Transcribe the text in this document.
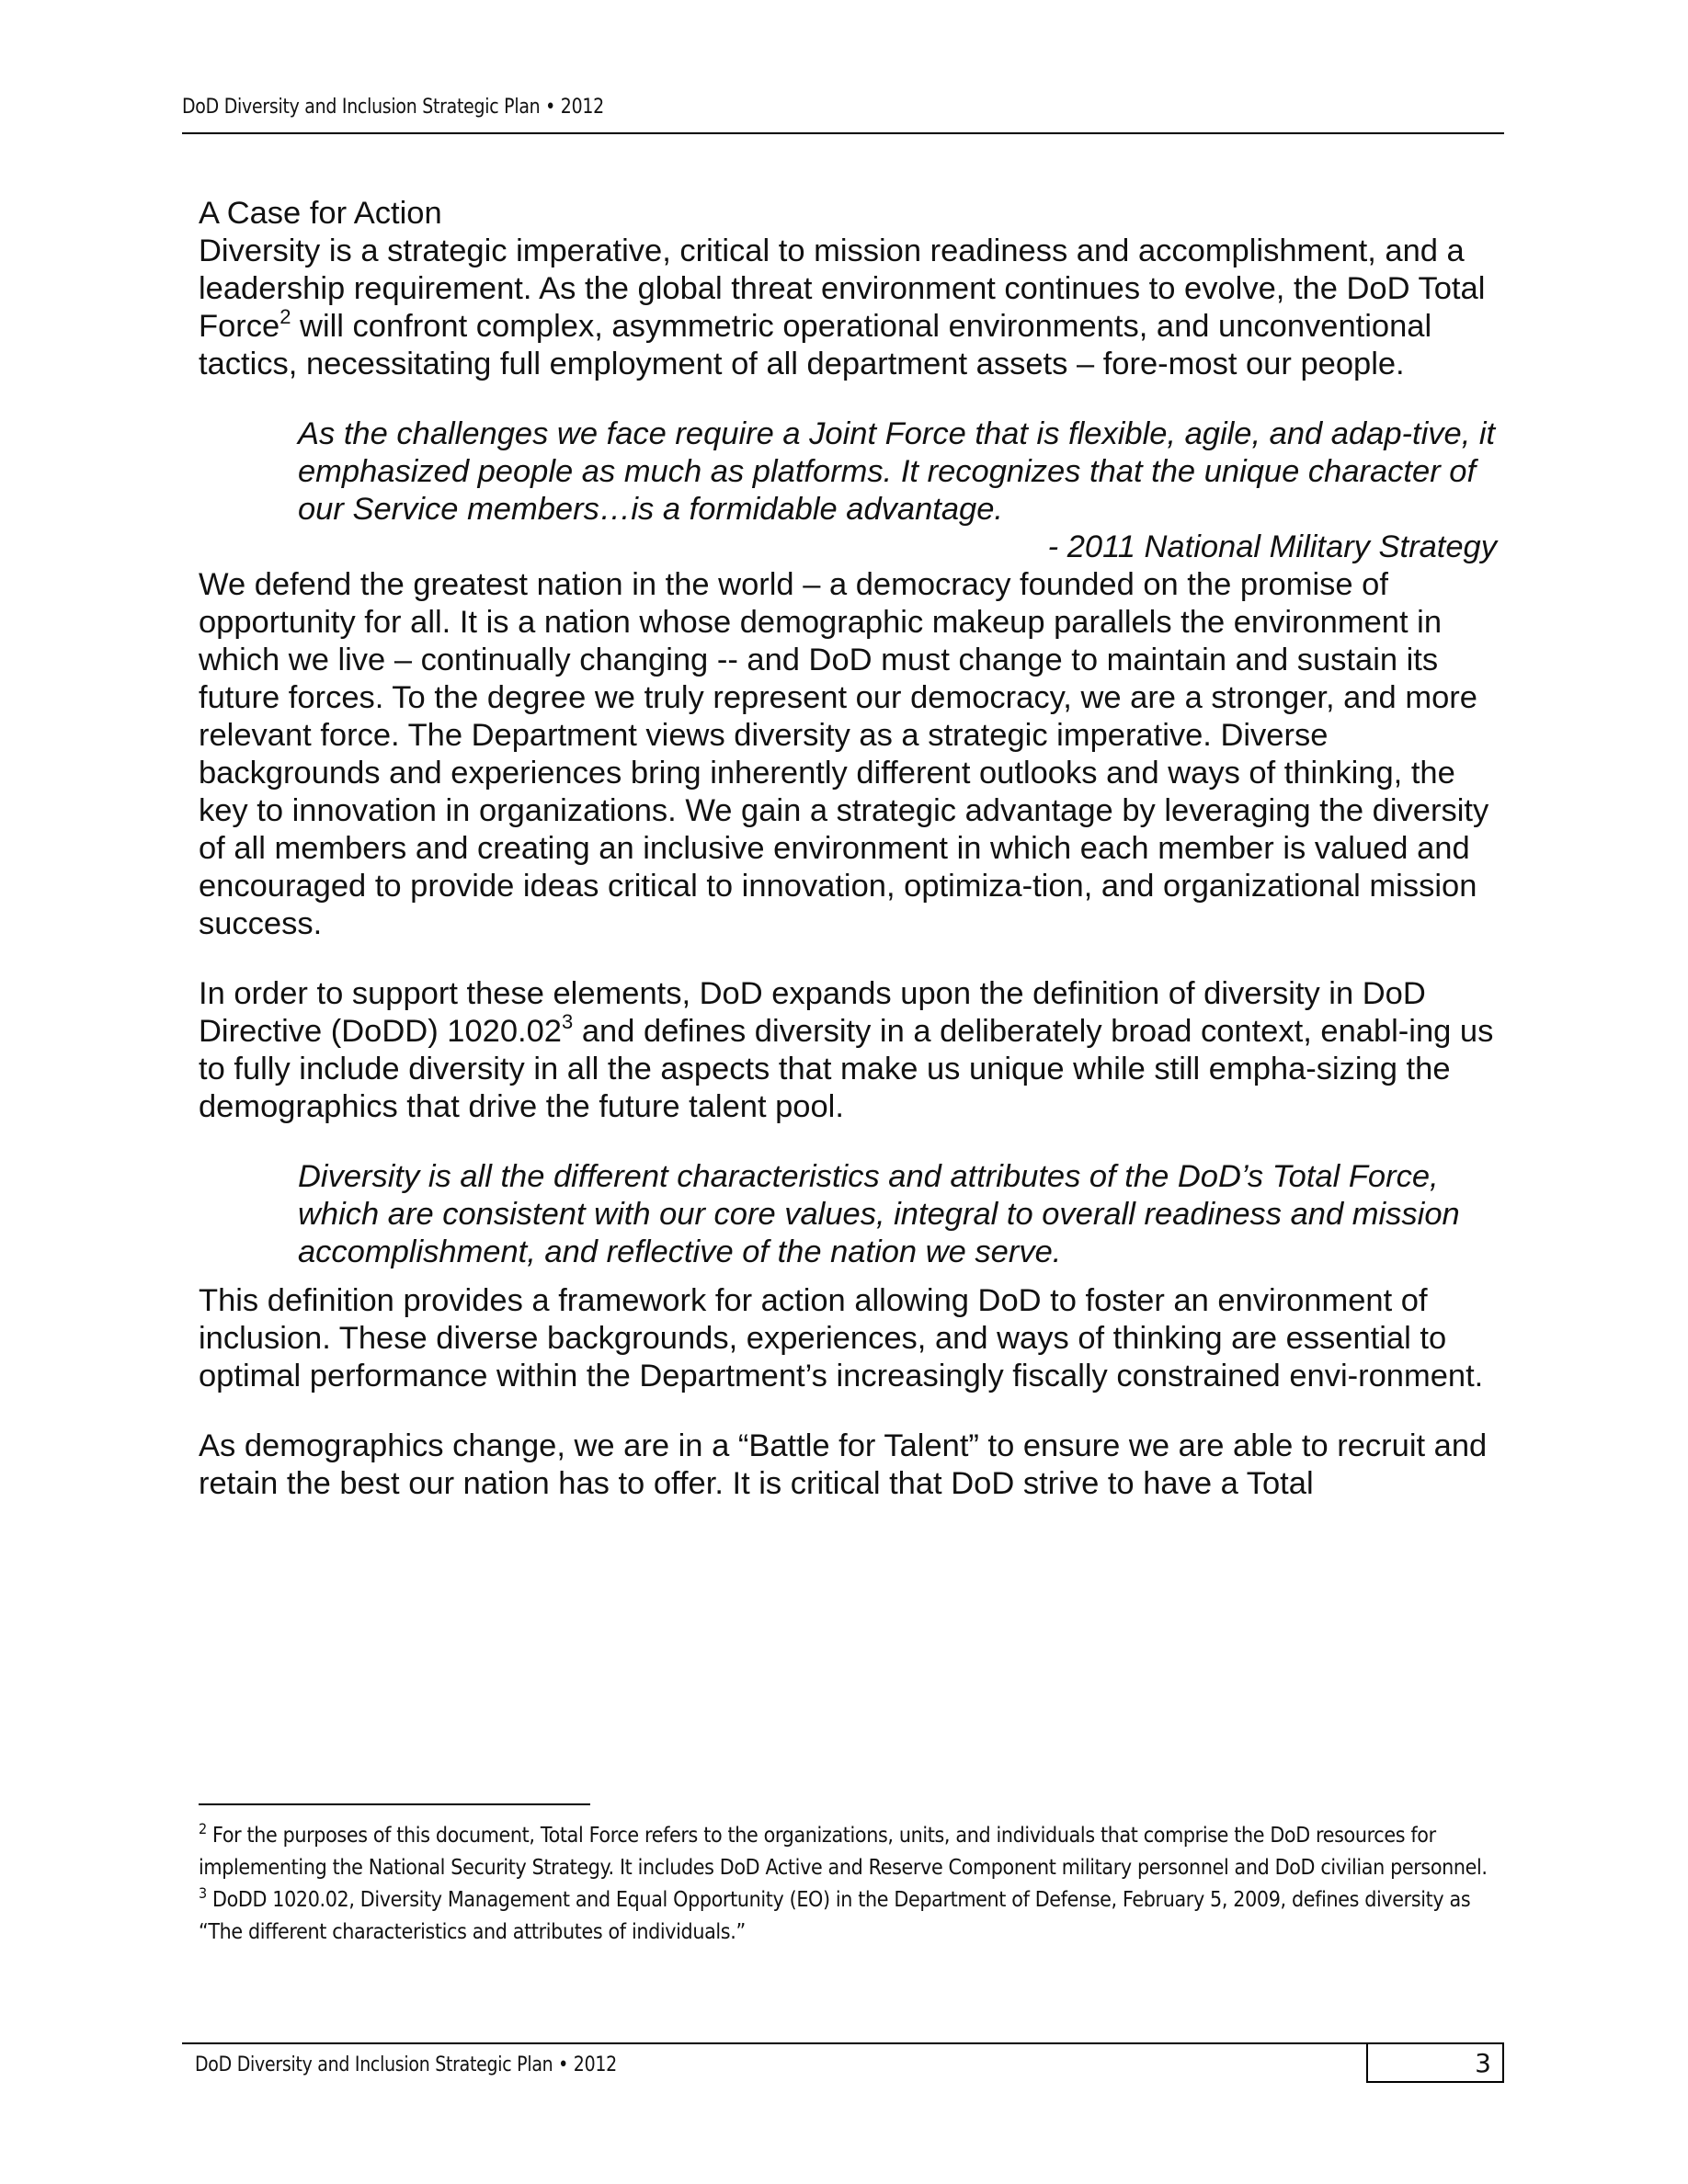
DoD Diversity and Inclusion Strategic Plan • 2012

A Case for Action

Diversity is a strategic imperative, critical to mission readiness and accomplishment, and a leadership requirement. As the global threat environment continues to evolve, the DoD Total Force$^2$ will confront complex, asymmetric operational environments, and unconventional tactics, necessitating full employment of all department assets – fore-most our people.

As the challenges we face require a Joint Force that is flexible, agile, and adap-tive, it emphasized people as much as platforms. It recognizes that the unique character of our Service members…is a formidable advantage.

- 2011 National Military Strategy

We defend the greatest nation in the world – a democracy founded on the promise of opportunity for all. It is a nation whose demographic makeup parallels the environment in which we live – continually changing -- and DoD must change to maintain and sustain its future forces. To the degree we truly represent our democracy, we are a stronger, and more relevant force. The Department views diversity as a strategic imperative. Diverse backgrounds and experiences bring inherently different outlooks and ways of thinking, the key to innovation in organizations. We gain a strategic advantage by leveraging the diversity of all members and creating an inclusive environment in which each member is valued and encouraged to provide ideas critical to innovation, optimiza-tion, and organizational mission success.

In order to support these elements, DoD expands upon the definition of diversity in DoD Directive (DoDD) 1020.02$^3$ and defines diversity in a deliberately broad context, enabl-ing us to fully include diversity in all the aspects that make us unique while still empha-sizing the demographics that drive the future talent pool.

Diversity is all the different characteristics and attributes of the DoD’s Total Force, which are consistent with our core values, integral to overall readiness and mission accomplishment, and reflective of the nation we serve.

This definition provides a framework for action allowing DoD to foster an environment of inclusion. These diverse backgrounds, experiences, and ways of thinking are essential to optimal performance within the Department’s increasingly fiscally constrained envi-ronment.

As demographics change, we are in a “Battle for Talent” to ensure we are able to recruit and retain the best our nation has to offer. It is critical that DoD strive to have a Total

$^2$ For the purposes of this document, Total Force refers to the organizations, units, and individuals that comprise the DoD resources for implementing the National Security Strategy. It includes DoD Active and Reserve Component military personnel and DoD civilian personnel.

$^3$ DoDD 1020.02, Diversity Management and Equal Opportunity (EO) in the Department of Defense, February 5, 2009, defines diversity as “The different characteristics and attributes of individuals.”

DoD Diversity and Inclusion Strategic Plan • 2012	3
